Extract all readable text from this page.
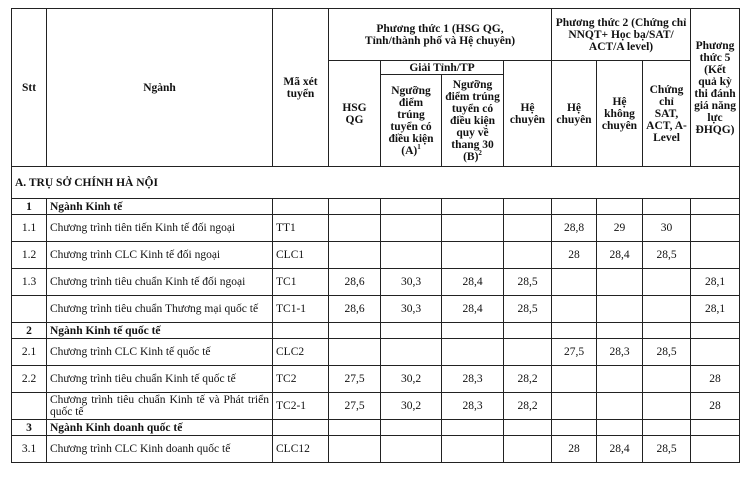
Stt	Ngành	Mã xét tuyển	Phương thức 1 (HSG QG, Tỉnh/thành phố và Hệ chuyên)				Phương thức 2 (Chứng chỉ NNQT+ Học bạ/SAT/ ACT/A level)			Phương thức 5 (Kết quả kỳ thi đánh giá năng lực ĐHQG)
			HSG QG	Giải Tỉnh/TP		Hệ chuyên	Hệ chuyên	Hệ không chuyên	Chứng chỉ SAT, ACT, A-Level	
				Ngưỡng điểm trúng tuyển có điều kiện $(A)^1$	Ngưỡng điểm trúng tuyển có điều kiện quy về thang 30 $(B)^2$
A. TRỤ SỞ CHÍNH HÀ NỘI										
1	Ngành Kinh tế									
1.1	Chương trình tiên tiến Kinh tế đối ngoại	TT1					28,8	29	30	
1.2	Chương trình CLC Kinh tế đối ngoại	CLC1					28	28,4	28,5	
1.3	Chương trình tiêu chuẩn Kinh tế đối ngoại	TC1	28,6	30,3	28,4	28,5				28,1
	Chương trình tiêu chuẩn Thương mại quốc tế	TC1-1	28,6	30,3	28,4	28,5				28,1
2	Ngành Kinh tế quốc tế									
2.1	Chương trình CLC Kinh tế quốc tế	CLC2					27,5	28,3	28,5	
2.2	Chương trình tiêu chuẩn Kinh tế quốc tế	TC2	27,5	30,2	28,3	28,2				28
	Chương trình tiêu chuẩn Kinh tế và Phát triển quốc tế	TC2-1	27,5	30,2	28,3	28,2				28
3	Ngành Kinh doanh quốc tế									
3.1	Chương trình CLC Kinh doanh quốc tế	CLC12					28	28,4	28,5	
